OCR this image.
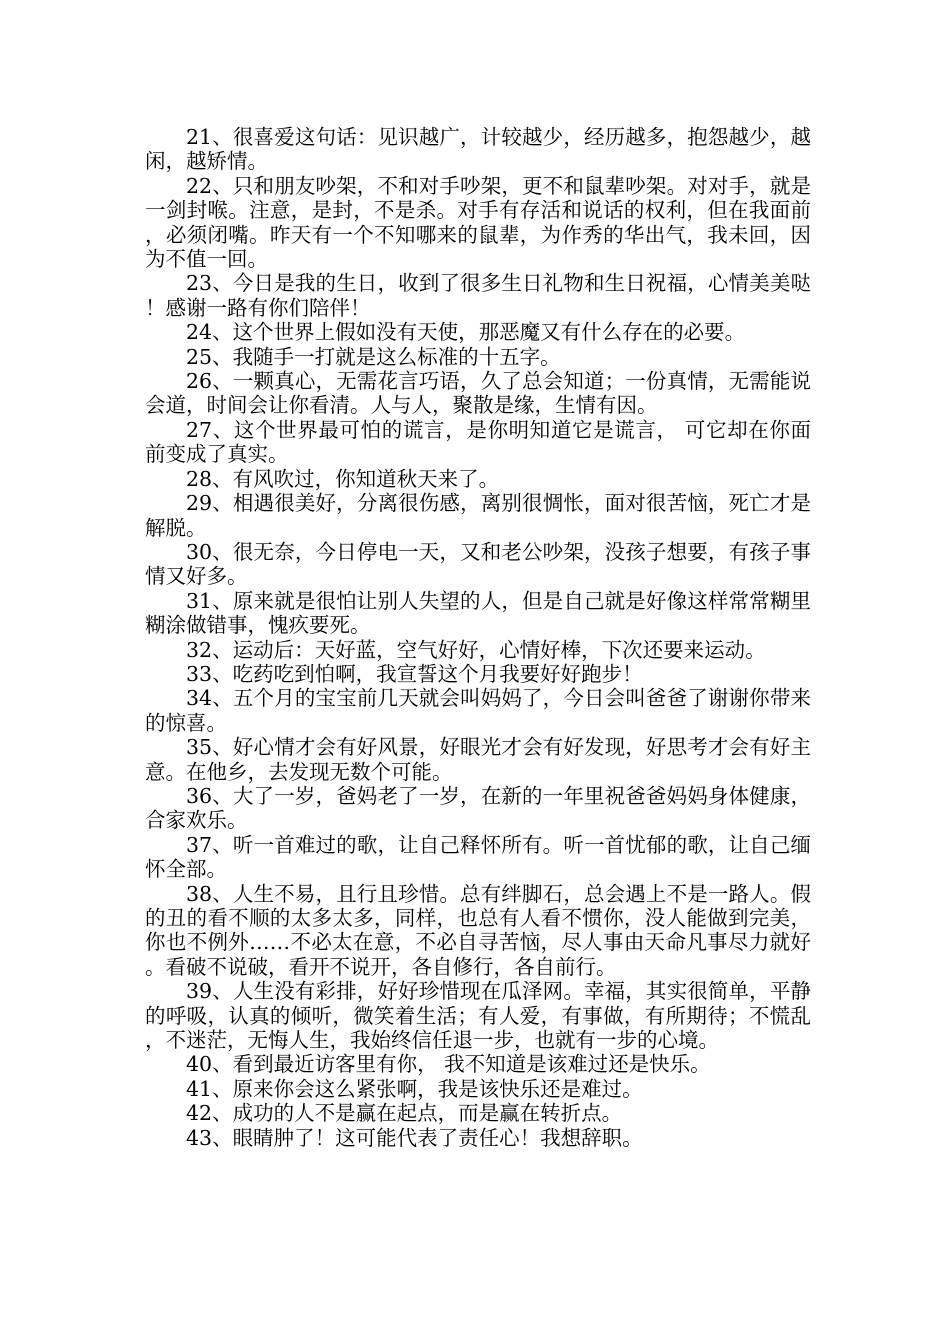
21、很喜爱这句话：见识越广，计较越少，经历越多，抱怨越少，越闲，越矫情。

22、只和朋友吵架，不和对手吵架，更不和鼠辈吵架。对对手，就是一剑封喉。注意，是封，不是杀。对手有存活和说话的权利，但在我面前，必须闭嘴。昨天有一个不知哪来的鼠辈，为作秀的华出气，我未回，因为不值一回。

23、今日是我的生日，收到了很多生日礼物和生日祝福，心情美美哒！感谢一路有你们陪伴！

24、这个世界上假如没有天使，那恶魔又有什么存在的必要。

25、我随手一打就是这么标准的十五字。

26、一颗真心，无需花言巧语，久了总会知道；一份真情，无需能说会道，时间会让你看清。人与人，聚散是缘，生情有因。

27、这个世界最可怕的谎言，是你明知道它是谎言， 可它却在你面前变成了真实。

28、有风吹过，你知道秋天来了。

29、相遇很美好，分离很伤感，离别很惆怅，面对很苦恼，死亡才是解脱。

30、很无奈，今日停电一天，又和老公吵架，没孩子想要，有孩子事情又好多。

31、原来就是很怕让别人失望的人，但是自己就是好像这样常常糊里糊涂做错事，愧疚要死。

32、运动后：天好蓝，空气好好，心情好棒，下次还要来运动。

33、吃药吃到怕啊，我宣誓这个月我要好好跑步！

34、五个月的宝宝前几天就会叫妈妈了，今日会叫爸爸了谢谢你带来的惊喜。

35、好心情才会有好风景，好眼光才会有好发现，好思考才会有好主意。在他乡，去发现无数个可能。

36、大了一岁，爸妈老了一岁，在新的一年里祝爸爸妈妈身体健康，合家欢乐。

37、听一首难过的歌，让自己释怀所有。听一首忧郁的歌，让自己缅怀全部。

38、人生不易，且行且珍惜。总有绊脚石，总会遇上不是一路人。假的丑的看不顺的太多太多，同样，也总有人看不惯你，没人能做到完美，你也不例外……不必太在意，不必自寻苦恼，尽人事由天命凡事尽力就好。看破不说破，看开不说开，各自修行，各自前行。

39、人生没有彩排，好好珍惜现在瓜泽网。幸福，其实很简单，平静的呼吸，认真的倾听，微笑着生活；有人爱，有事做，有所期待；不慌乱，不迷茫，无悔人生，我始终信任退一步，也就有一步的心境。

40、看到最近访客里有你， 我不知道是该难过还是快乐。

41、原来你会这么紧张啊，我是该快乐还是难过。

42、成功的人不是赢在起点，而是赢在转折点。

43、眼睛肿了！这可能代表了责任心！我想辞职。
